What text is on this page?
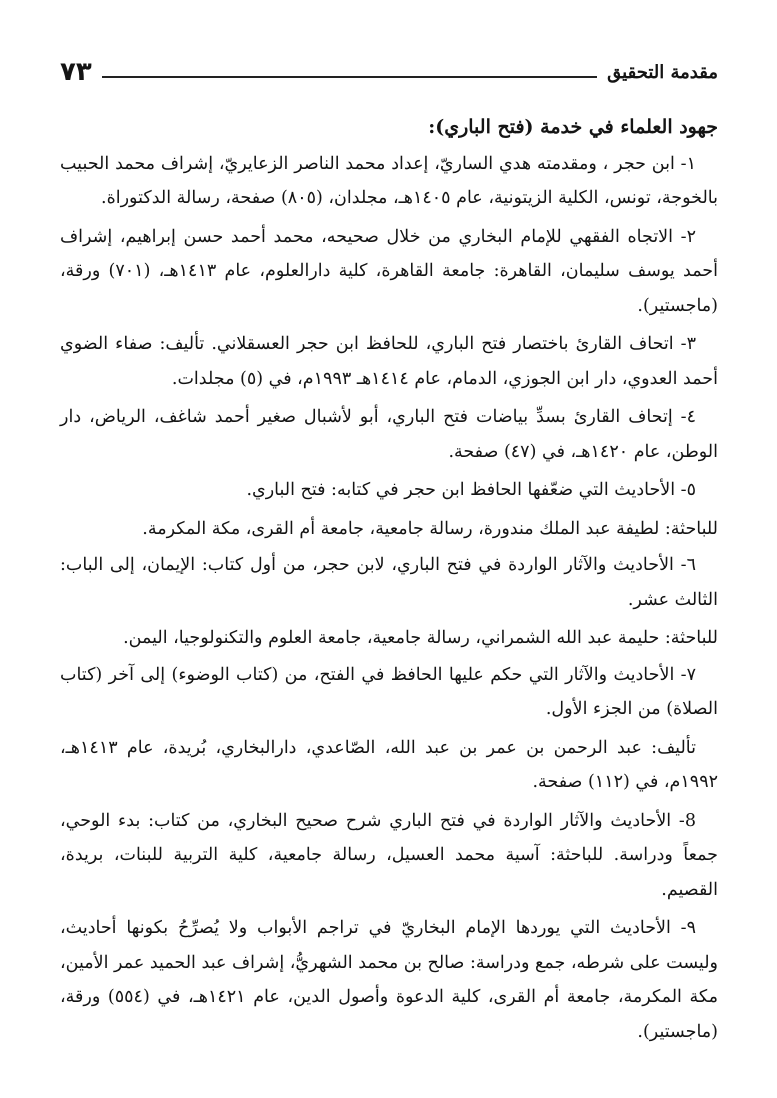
مقدمة التحقيق
٧٣

جهود العلماء في خدمة (فتح الباري):

١- ابن حجر ، ومقدمته هدي الساريّ، إعداد محمد الناصر الزعايريّ، إشراف محمد الحبيب بالخوجة، تونس، الكلية الزيتونية، عام ١٤٠٥هـ، مجلدان، (٨٠٥) صفحة، رسالة الدكتوراة.

٢- الاتجاه الفقهي للإمام البخاري من خلال صحيحه، محمد أحمد حسن إبراهيم، إشراف أحمد يوسف سليمان، القاهرة: جامعة القاهرة، كلية دارالعلوم، عام ١٤١٣هـ، (٧٠١) ورقة، (ماجستير).

٣- اتحاف القارئ باختصار فتح الباري، للحافظ ابن حجر العسقلاني. تأليف: صفاء الضوي أحمد العدوي، دار ابن الجوزي، الدمام، عام ١٤١٤هـ ١٩٩٣م، في (٥) مجلدات.

٤- إتحاف القارئ بسدِّ بياضات فتح الباري، أبو لأشبال صغير أحمد شاغف، الرياض، دار الوطن، عام ١٤٢٠هـ، في (٤٧) صفحة.

٥- الأحاديث التي ضعّفها الحافظ ابن حجر في كتابه: فتح الباري.

للباحثة: لطيفة عبد الملك مندورة، رسالة جامعية، جامعة أم القرى، مكة المكرمة.

٦- الأحاديث والآثار الواردة في فتح الباري، لابن حجر، من أول كتاب: الإيمان، إلى الباب: الثالث عشر.

للباحثة: حليمة عبد الله الشمراني، رسالة جامعية، جامعة العلوم والتكنولوجيا، اليمن.

٧- الأحاديث والآثار التي حكم عليها الحافظ في الفتح، من (كتاب الوضوء) إلى آخر (كتاب الصلاة) من الجزء الأول.

تأليف: عبد الرحمن بن عمر بن عبد الله، الصّاعدي، دارالبخاري، بُريدة، عام ١٤١٣هـ، ١٩٩٢م، في (١١٢) صفحة.

8- الأحاديث والآثار الواردة في فتح الباري شرح صحيح البخاري، من كتاب: بدء الوحي، جمعاً ودراسة. للباحثة: آسية محمد العسيل، رسالة جامعية، كلية التربية للبنات، بريدة، القصيم.

٩- الأحاديث التي يوردها الإمام البخاريّ في تراجم الأبواب ولا يُصرِّحُ بكونها أحاديث، وليست على شرطه، جمع ودراسة: صالح بن محمد الشهريُّ، إشراف عبد الحميد عمر الأمين، مكة المكرمة، جامعة أم القرى، كلية الدعوة وأصول الدين، عام ١٤٢١هـ، في (٥٥٤) ورقة، (ماجستير).
